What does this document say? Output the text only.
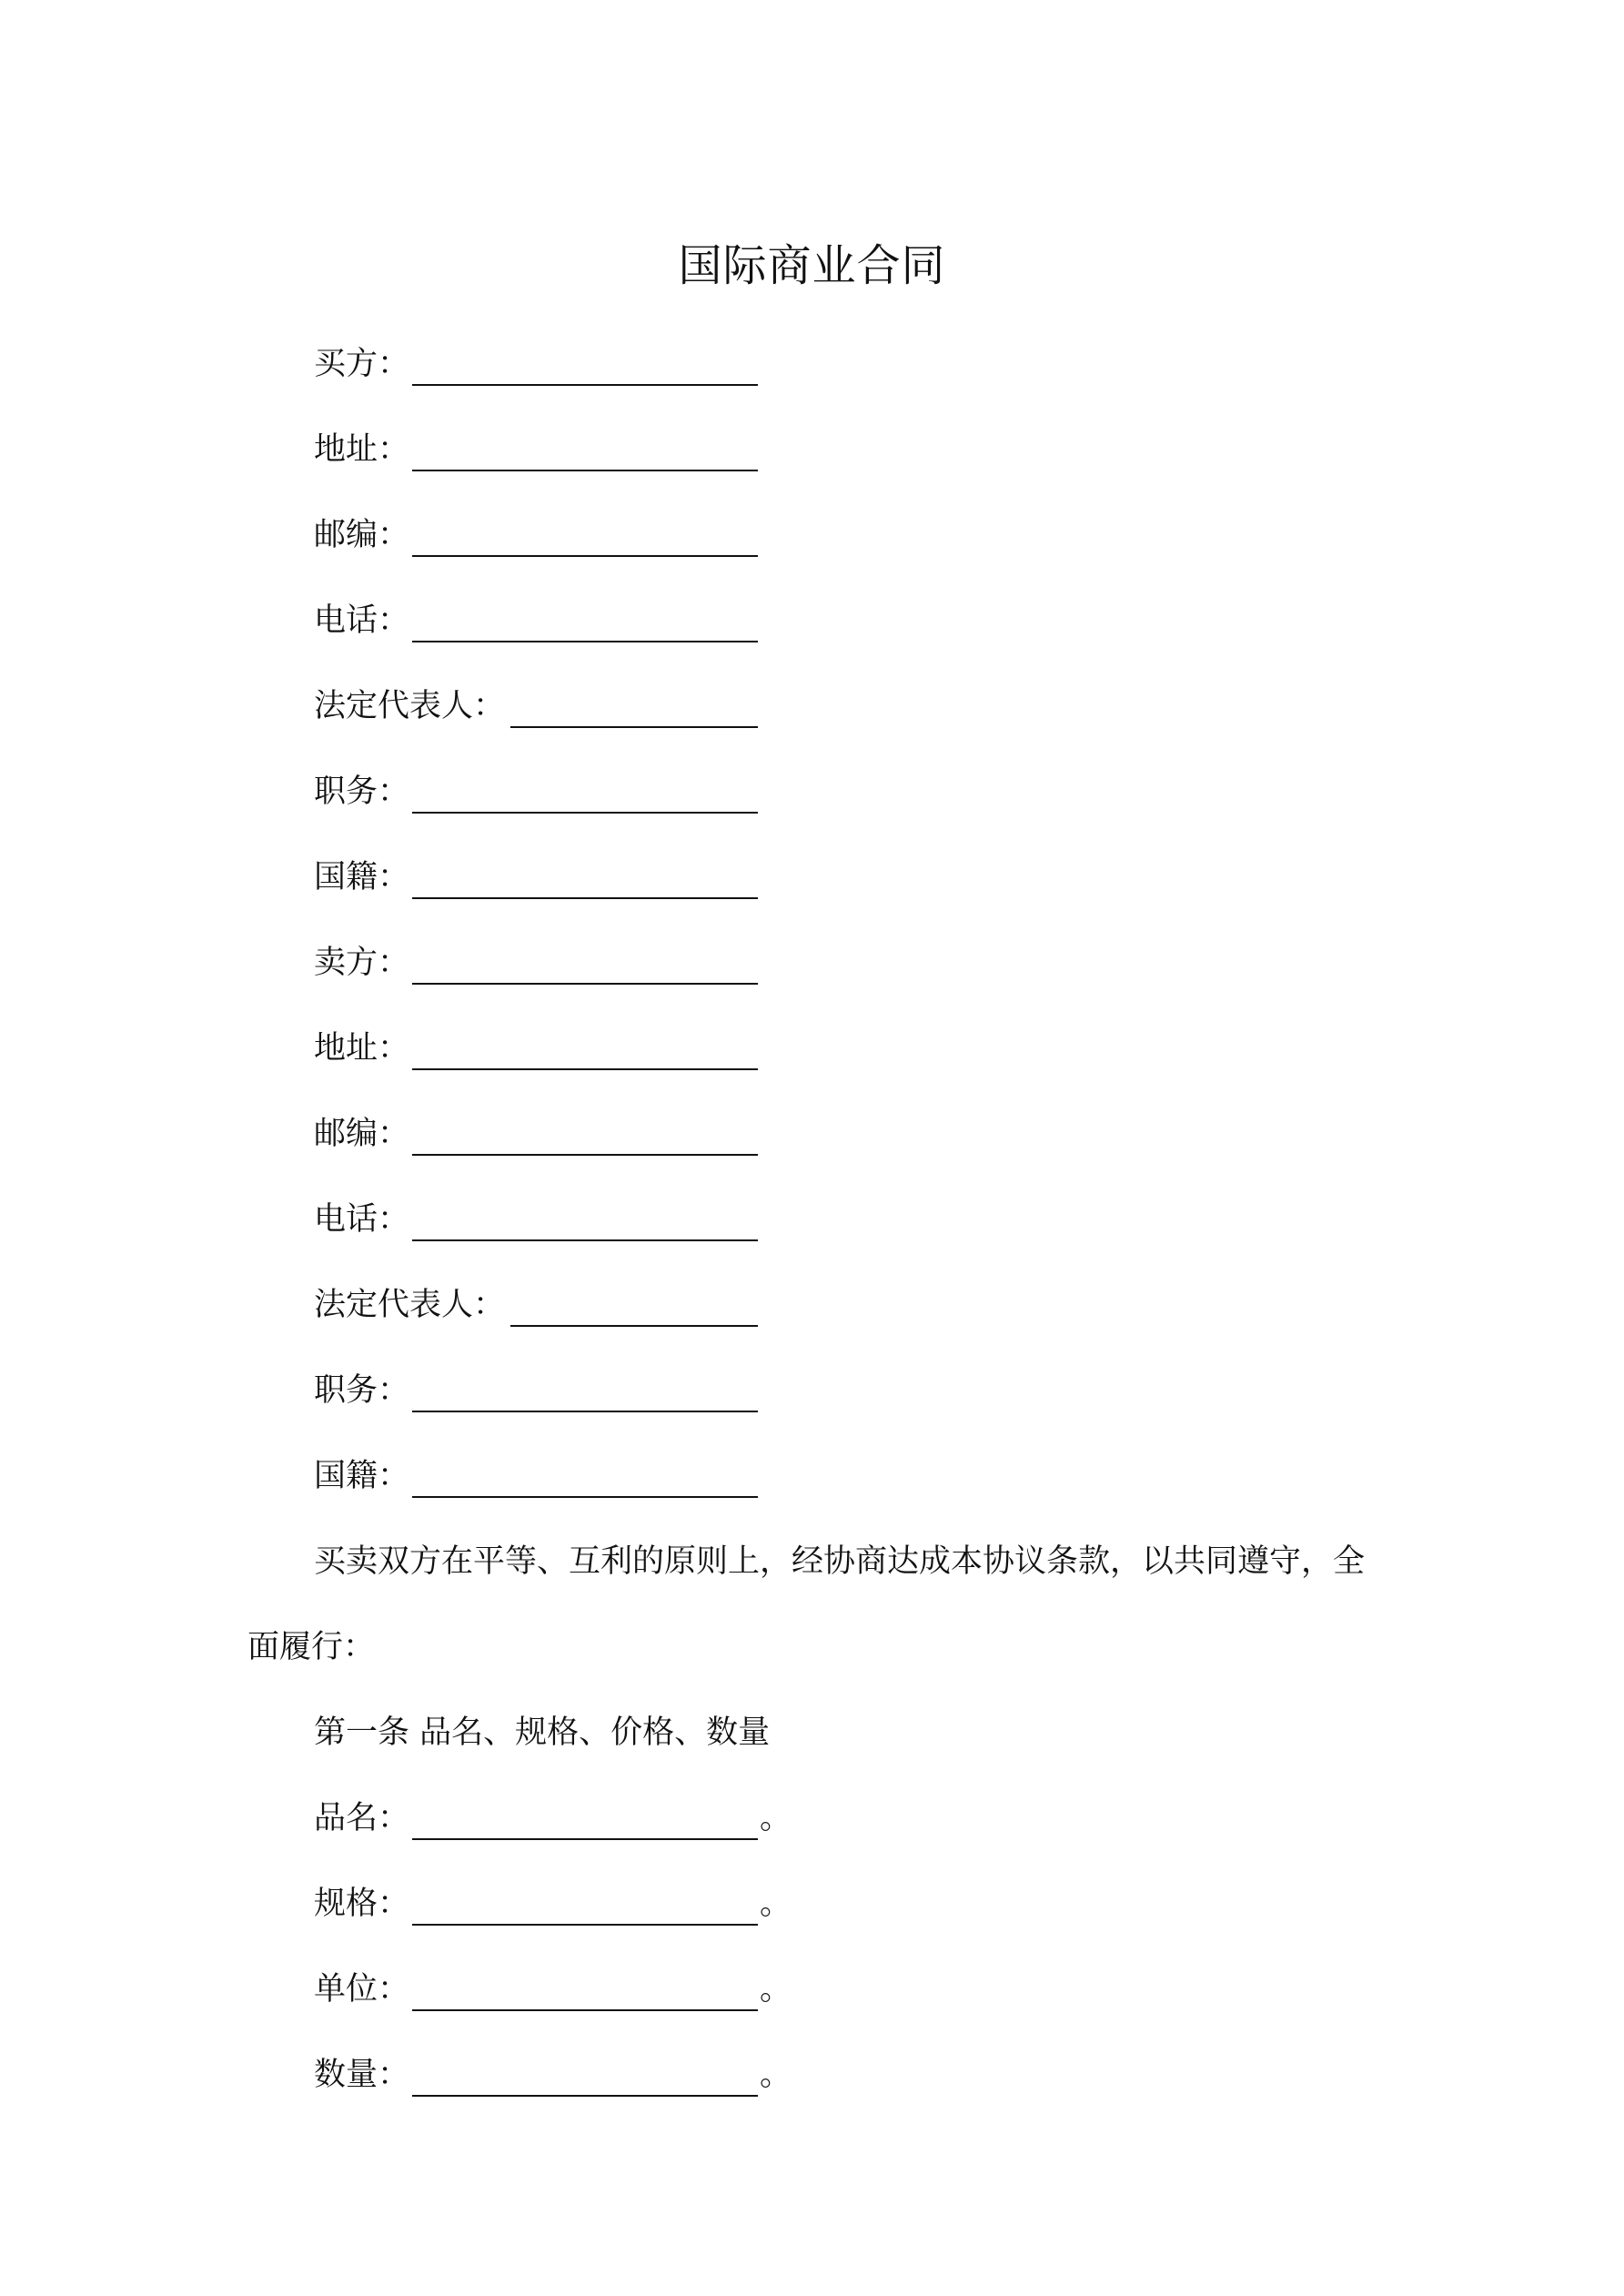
国际商业合同
买方：
地址：
邮编：
电话：
法定代表人：
职务：
国籍：
卖方：
地址：
邮编：
电话：
法定代表人：
职务：
国籍：
买卖双方在平等、互利的原则上，经协商达成本协议条款，以共同遵守，全
面履行：
第一条 品名、规格、价格、数量
品名：	。
规格：	。
单位：	。
数量：	。
